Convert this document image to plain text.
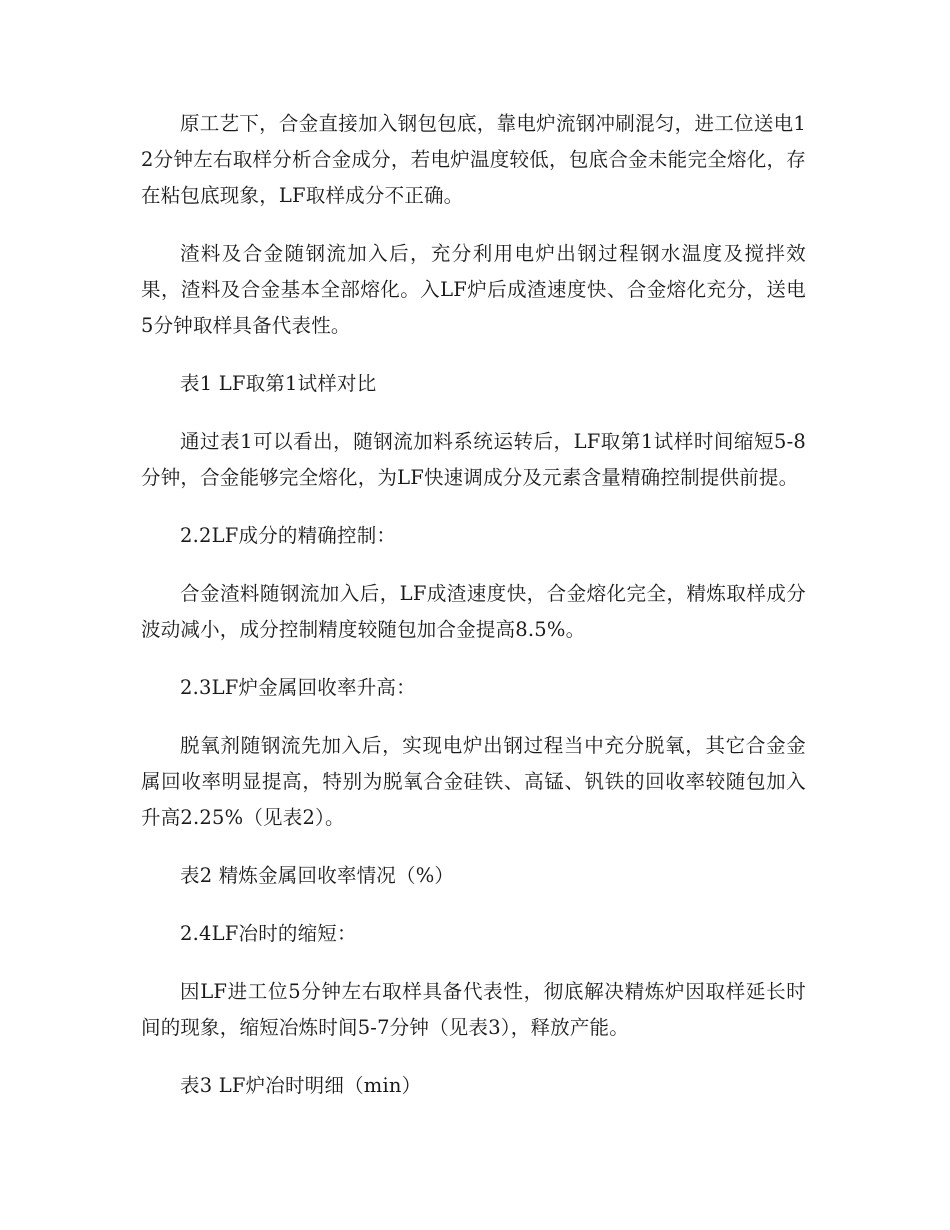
原工艺下，合金直接加入钢包包底，靠电炉流钢冲刷混匀，进工位送电12分钟左右取样分析合金成分，若电炉温度较低，包底合金未能完全熔化，存在粘包底现象，LF取样成分不正确。

渣料及合金随钢流加入后，充分利用电炉出钢过程钢水温度及搅拌效果，渣料及合金基本全部熔化。入LF炉后成渣速度快、合金熔化充分，送电5分钟取样具备代表性。

表1 LF取第1试样对比

通过表1可以看出，随钢流加料系统运转后，LF取第1试样时间缩短5-8分钟，合金能够完全熔化，为LF快速调成分及元素含量精确控制提供前提。

2.2LF成分的精确控制：

合金渣料随钢流加入后，LF成渣速度快，合金熔化完全，精炼取样成分波动减小，成分控制精度较随包加合金提高8.5%。

2.3LF炉金属回收率升高：

脱氧剂随钢流先加入后，实现电炉出钢过程当中充分脱氧，其它合金金属回收率明显提高，特别为脱氧合金硅铁、高锰、钒铁的回收率较随包加入升高2.25%（见表2）。

表2 精炼金属回收率情况（%）

2.4LF冶时的缩短：

因LF进工位5分钟左右取样具备代表性，彻底解决精炼炉因取样延长时间的现象，缩短冶炼时间5-7分钟（见表3），释放产能。

表3 LF炉冶时明细（min）
